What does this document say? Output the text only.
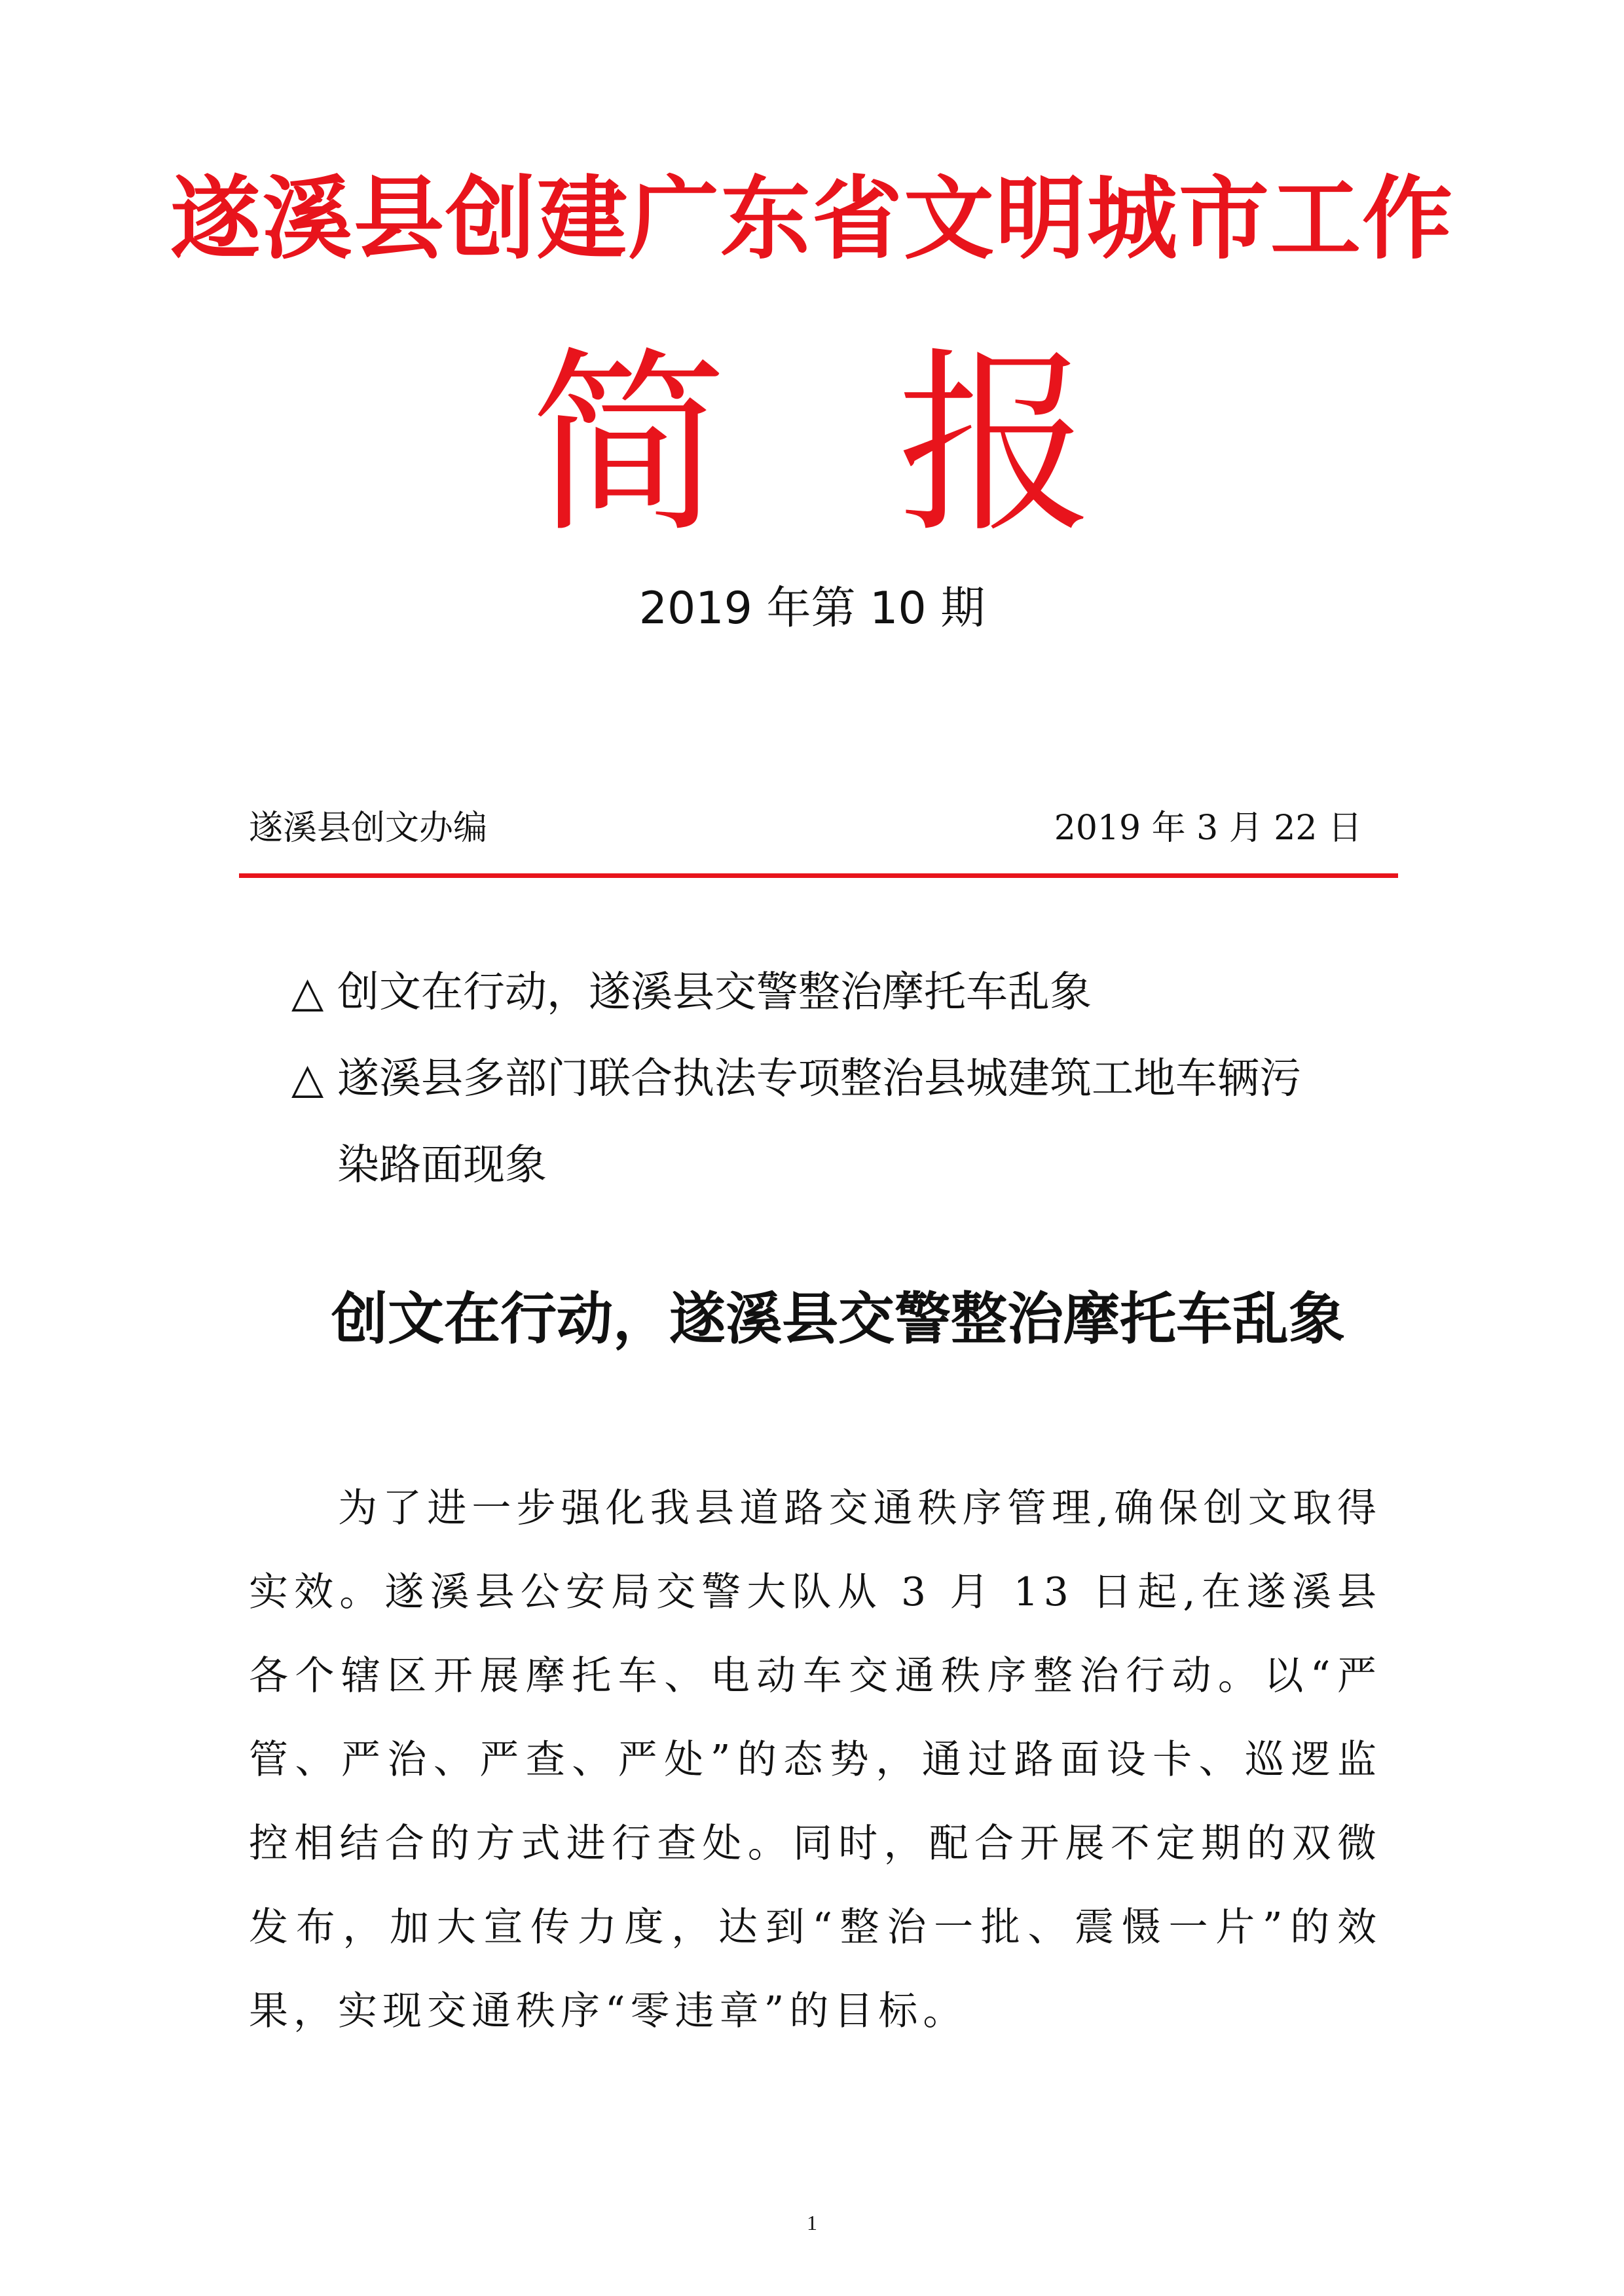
遂溪县创建广东省文明城市工作
简 报
2019 年第 10 期
遂溪县创文办编	2019 年 3 月 22 日
△ 创文在行动，遂溪县交警整治摩托车乱象
△ 遂溪县多部门联合执法专项整治县城建筑工地车辆污
染路面现象
创文在行动，遂溪县交警整治摩托车乱象

为了进一步强化我县道路交通秩序管理,确保创文取得实效。遂溪县公安局交警大队从 3 月 13 日起,在遂溪县各个辖区开展摩托车、电动车交通秩序整治行动。以“严管、严治、严查、严处”的态势，通过路面设卡、巡逻监控相结合的方式进行查处。同时，配合开展不定期的双微发布，加大宣传力度，达到“整治一批、震慑一片”的效果，实现交通秩序“零违章”的目标。

1
